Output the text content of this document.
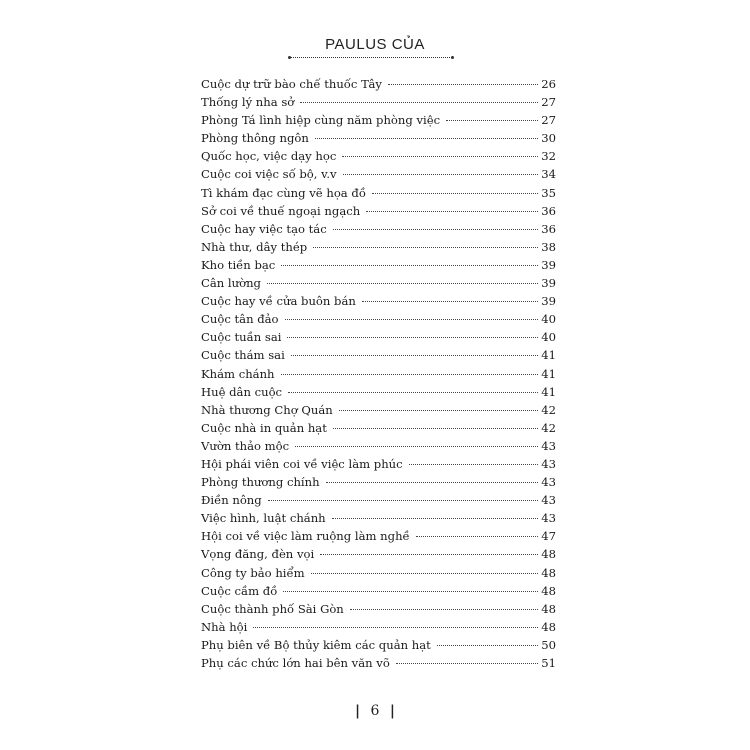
PAULUS CỦA
Cuộc dự trữ bào chế thuốc Tây	26
Thống lý nha sở	27
Phòng Tá lình hiệp cùng năm phòng việc	27
Phòng thông ngôn	30
Quốc học, việc dạy học	32
Cuộc coi việc số bộ, v.v	34
Tì khám đạc cùng vẽ họa đồ	35
Sở coi về thuế ngoại ngạch	36
Cuộc hay việc tạo tác	36
Nhà thư, dây thép	38
Kho tiền bạc	39
Cân lường	39
Cuộc hay về cửa buôn bán	39
Cuộc tân đảo	40
Cuộc tuần sai	40
Cuộc thám sai	41
Khám chánh	41
Huệ dân cuộc	41
Nhà thương Chợ Quán	42
Cuộc nhà in quản hạt	42
Vườn thảo mộc	43
Hội phái viên coi về việc làm phúc	43
Phòng thương chính	43
Điền nông	43
Việc hình, luật chánh	43
Hội coi về việc làm ruộng làm nghề	47
Vọng đăng, đèn vọi	48
Công ty bảo hiểm	48
Cuộc cầm đồ	48
Cuộc thành phố Sài Gòn	48
Nhà hội	48
Phụ biên về Bộ thủy kiêm các quản hạt	50
Phụ các chức lớn hai bên văn võ	51
| 6 |
